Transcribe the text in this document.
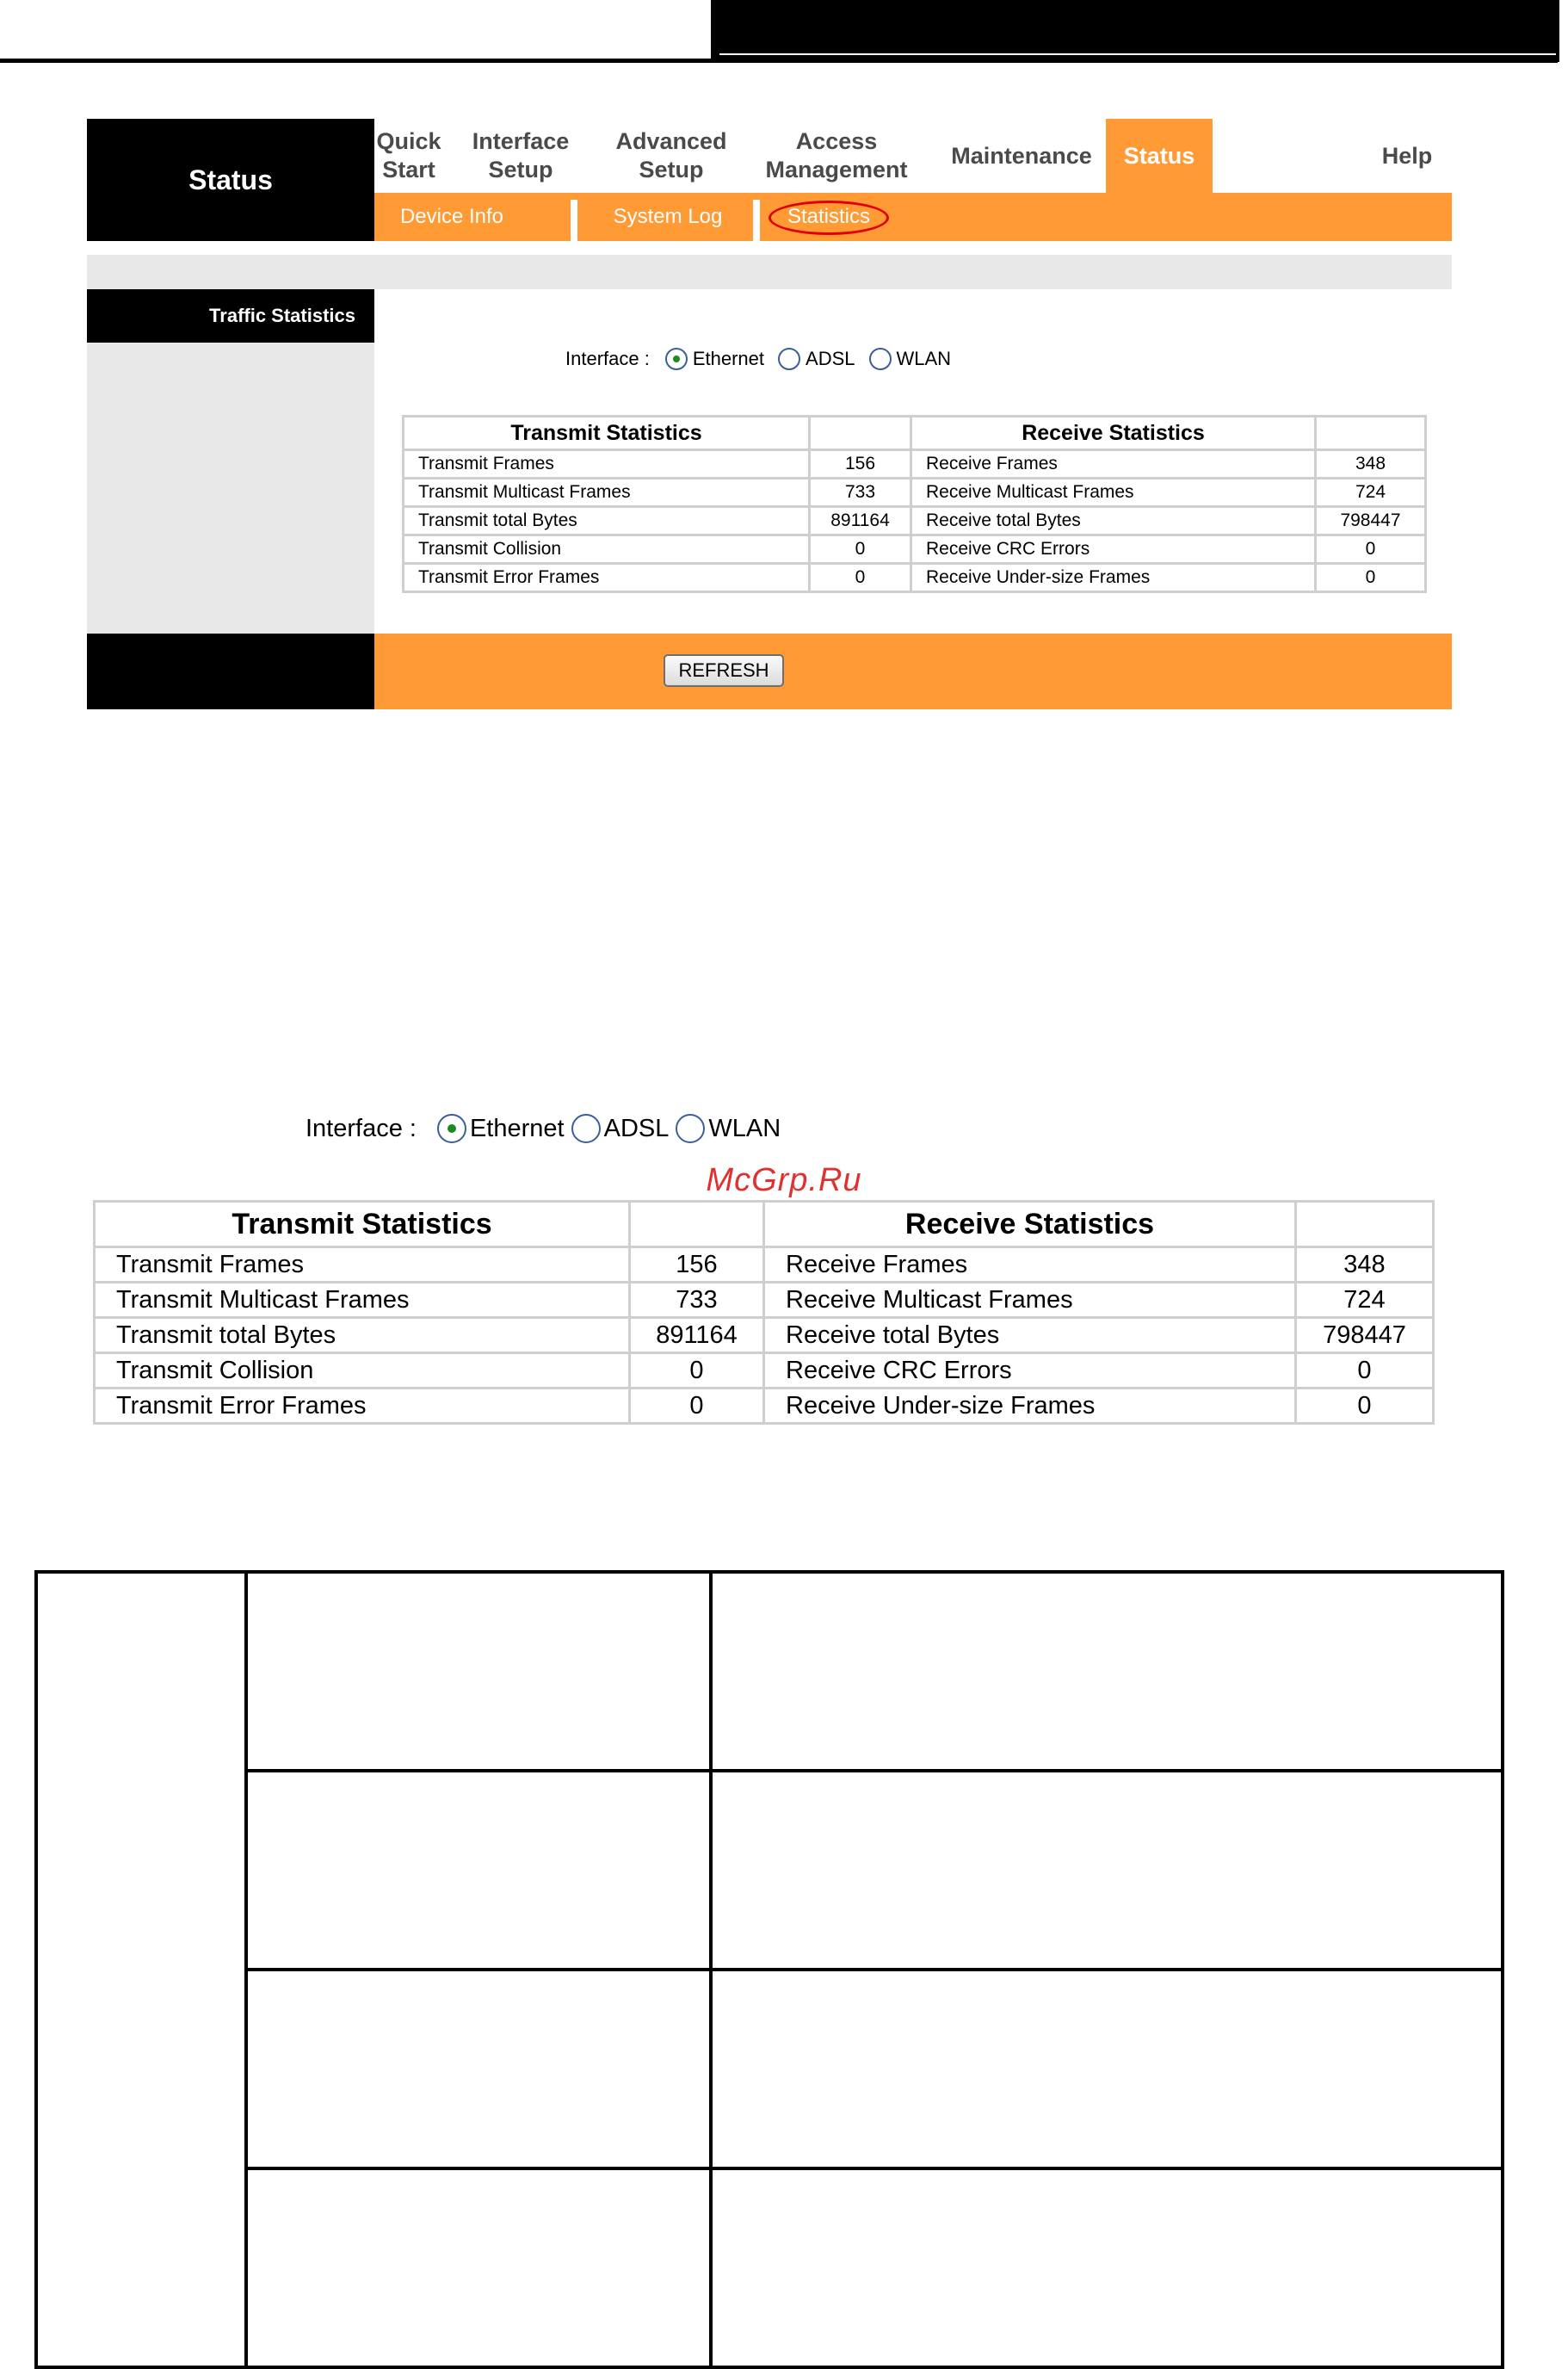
Status
Quick
Start
Interface
Setup
Advanced
Setup
Access
Management
Maintenance	Status	Help
Device Info	System Log	Statistics
Traffic Statistics
Interface : Ethernet ADSL WLAN
Transmit Statistics		Receive Statistics	
Transmit Frames	156	Receive Frames	348
Transmit Multicast Frames	733	Receive Multicast Frames	724
Transmit total Bytes	891164	Receive total Bytes	798447
Transmit Collision	0	Receive CRC Errors	0
Transmit Error Frames	0	Receive Under-size Frames	0
REFRESH
Interface : Ethernet ADSL WLAN
McGrp.Ru
Transmit Statistics		Receive Statistics	
Transmit Frames	156	Receive Frames	348
Transmit Multicast Frames	733	Receive Multicast Frames	724
Transmit total Bytes	891164	Receive total Bytes	798447
Transmit Collision	0	Receive CRC Errors	0
Transmit Error Frames	0	Receive Under-size Frames	0
